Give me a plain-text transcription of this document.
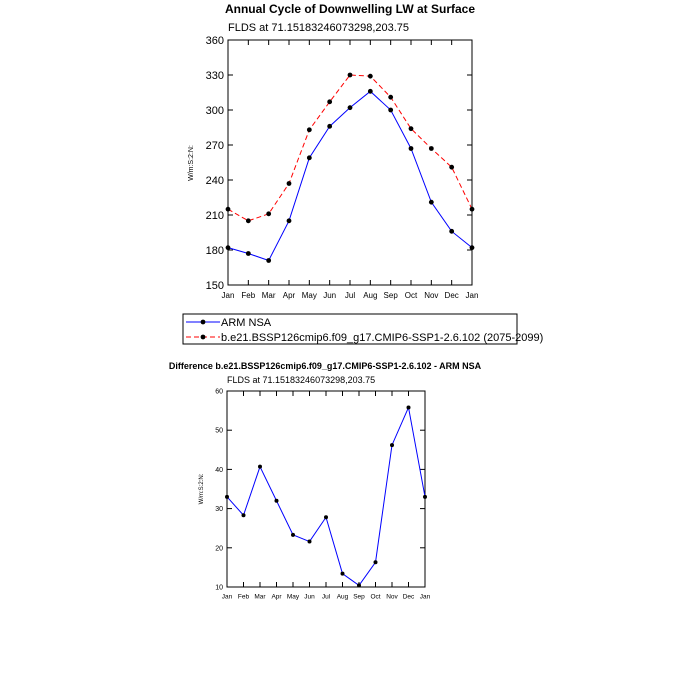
Annual Cycle of Downwelling LW at Surface
FLDS at 71.15183246073298,203.75
W/m:S:2:N:
150
180
210
240
270
300
330
360
Jan Feb Mar Apr May Jun Jul Aug Sep Oct Nov Dec Jan
ARM NSA
b.e21.BSSP126cmip6.f09_g17.CMIP6-SSP1-2.6.102 (2075-2099)
Difference b.e21.BSSP126cmip6.f09_g17.CMIP6-SSP1-2.6.102 - ARM NSA
FLDS at 71.15183246073298,203.75
W/m:S:2:N:
10
20
30
40
50
60
Jan Feb Mar Apr May Jun Jul Aug Sep Oct Nov Dec Jan
